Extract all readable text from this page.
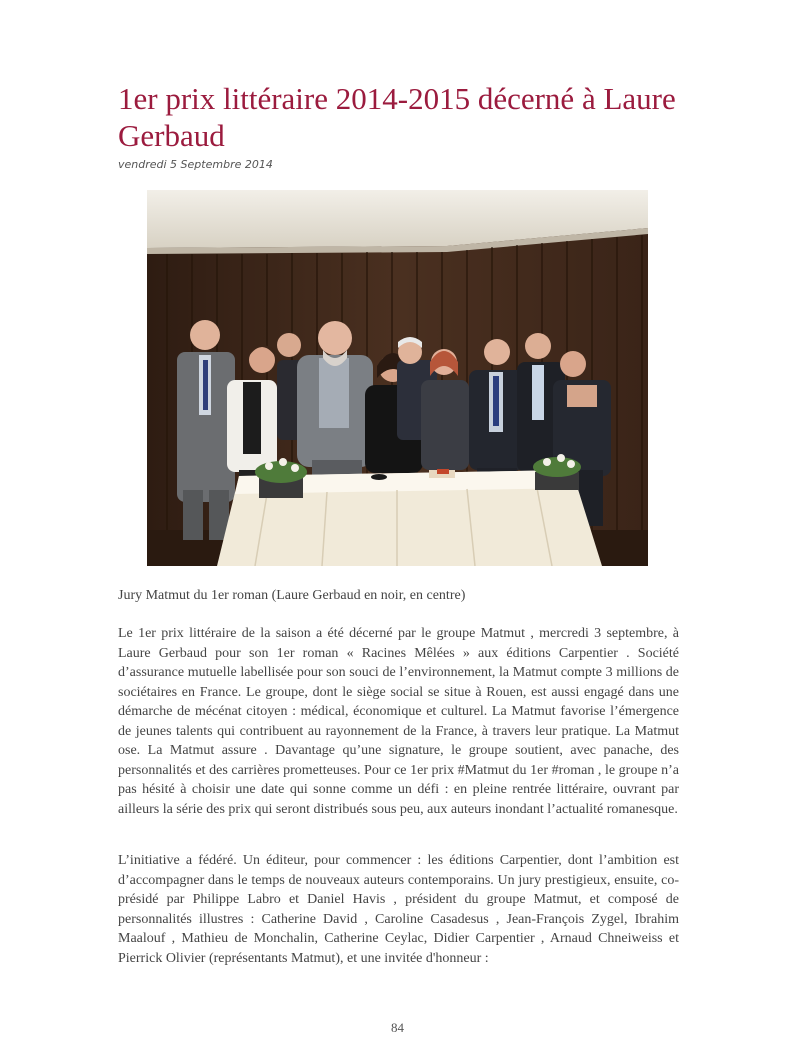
1er prix littéraire 2014-2015 décerné à Laure Gerbaud

vendredi 5 Septembre 2014

Jury Matmut du 1er roman (Laure Gerbaud en noir, en centre)

Le 1er prix littéraire de la saison a été décerné par le groupe Matmut , mercredi 3 septembre, à Laure Gerbaud pour son 1er roman « Racines Mêlées » aux éditions Carpentier . Société d’assurance mutuelle labellisée pour son souci de l’environnement, la Matmut compte 3 millions de sociétaires en France. Le groupe, dont le siège social se situe à Rouen, est aussi engagé dans une démarche de mécénat citoyen : médical, économique et culturel. La Matmut favorise l’émergence de jeunes talents qui contribuent au rayonnement de la France, à travers leur pratique. La Matmut ose. La Matmut assure . Davantage qu’une signature, le groupe soutient, avec panache, des personnalités et des carrières prometteuses. Pour ce 1er prix #Matmut du 1er #roman , le groupe n’a pas hésité à choisir une date qui sonne comme un défi : en pleine rentrée littéraire, ouvrant par ailleurs la série des prix qui seront distribués sous peu, aux auteurs inondant l’actualité romanesque.

L’initiative a fédéré. Un éditeur, pour commencer : les éditions Carpentier, dont l’ambition est d’accompagner dans le temps de nouveaux auteurs contemporains. Un jury prestigieux, ensuite, co-présidé par Philippe Labro et Daniel Havis , président du groupe Matmut, et composé de personnalités illustres : Catherine David , Caroline Casadesus , Jean-François Zygel, Ibrahim Maalouf , Mathieu de Monchalin, Catherine Ceylac, Didier Carpentier , Arnaud Chneiweiss et Pierrick Olivier (représentants Matmut), et une invitée d'honneur :

84
